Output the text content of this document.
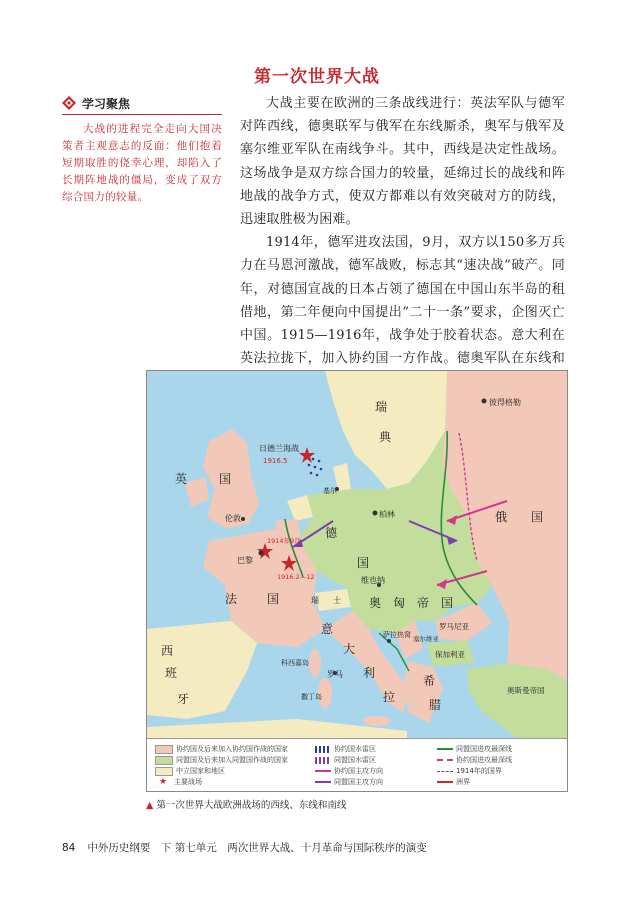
第一次世界大战
学习聚焦
大战的进程完全走向大国决策者主观意志的反面：他们抱着短期取胜的侥幸心理，却陷入了长期阵地战的僵局，变成了双方综合国力的较量。

大战主要在欧洲的三条战线进行：英法军队与德军对阵西线，德奥联军与俄军在东线厮杀，奥军与俄军及塞尔维亚军队在南线争斗。其中，西线是决定性战场。这场战争是双方综合国力的较量，延绵过长的战线和阵地战的战争方式，使双方都难以有效突破对方的防线，迅速取胜极为困难。

1914年，德军进攻法国，9月，双方以150多万兵力在马恩河激战，德军战败，标志其“速决战”破产。同年，对德国宣战的日本占领了德国在中国山东半岛的租借地，第二年便向中国提出“二十一条”要求，企图灭亡中国。1915—1916年，战争处于胶着状态。意大利在英法拉拢下，加入协约国一方作战。德奥军队在东线和

彼得格勒
瑞
典
日德兰海战
1916.5
基尔
英	国
伦敦	柏林
德
国
俄 国
1914年9月
巴黎
1916.2—12
法 国	瑞 士
维也纳
奥 匈 帝 国
意
大
利
萨拉热窝
罗马尼亚
塞尔维亚
保加利亚
西
班
牙
罗马
拉	奥斯曼帝国
希
腊
撒丁岛
科西嘉岛
协约国及后来加入协约国作战的国家
同盟国及后来加入同盟国作战的国家
中立国家和地区
★ 主要战场
协约国水雷区
同盟国水雷区
协约国主攻方向
同盟国主攻方向
同盟国进攻最深线
协约国进攻最深线
1914年的国界
洲界
▲ 第一次世界大战欧洲战场的西线、东线和南线
84 中外历史纲要　下 第七单元　两次世界大战、十月革命与国际秩序的演变
